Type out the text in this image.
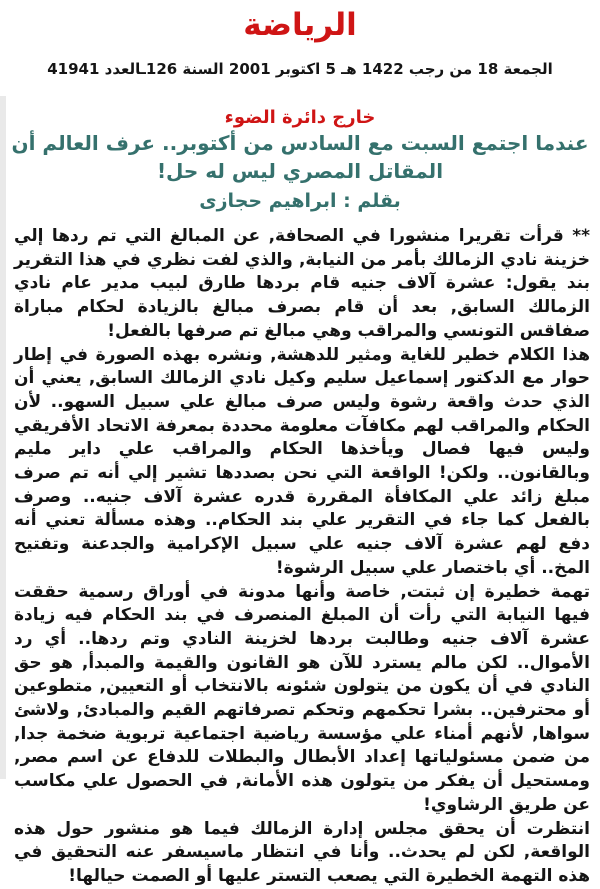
الرياضة
الجمعة 18 من رجب 1422 هـ 5 اكتوبر 2001 السنة 126ـالعدد 41941
خارج دائرة الضوء
عندما اجتمع السبت مع السادس من أكتوبر.. عرف العالم أن المقاتل المصري ليس له حل!
بقلم : ابراهيم حجازى

** قرأت تقريرا منشورا في الصحافة, عن المبالغ التي تم ردها إلي خزينة نادي الزمالك بأمر من النيابة, والذي لفت نظري في هذا التقرير بند يقول: عشرة آلاف جنيه قام بردها طارق لبيب مدير عام نادي الزمالك السابق, بعد أن قام بصرف مبالغ بالزيادة لحكام مباراة صفاقس التونسي والمراقب وهي مبالغ تم صرفها بالفعل!

هذا الكلام خطير للغاية ومثير للدهشة, ونشره بهذه الصورة في إطار حوار مع الدكتور إسماعيل سليم وكيل نادي الزمالك السابق, يعني أن الذي حدث واقعة رشوة وليس صرف مبالغ علي سبيل السهو.. لأن الحكام والمراقب لهم مكافآت معلومة محددة بمعرفة الاتحاد الأفريقي وليس فيها فصال ويأخذها الحكام والمراقب علي داير مليم وبالقانون.. ولكن! الواقعة التي نحن بصددها تشير إلي أنه تم صرف مبلغ زائد علي المكافأة المقررة قدره عشرة آلاف جنيه.. وصرف بالفعل كما جاء في التقرير علي بند الحكام.. وهذه مسألة تعني أنه دفع لهم عشرة آلاف جنيه علي سبيل الإكرامية والجدعنة وتفتيح المخ.. أي باختصار علي سبيل الرشوة!

تهمة خطيرة إن ثبتت, خاصة وأنها مدونة في أوراق رسمية حققت فيها النيابة التي رأت أن المبلغ المنصرف في بند الحكام فيه زيادة عشرة آلاف جنيه وطالبت بردها لخزينة النادي وتم ردها.. أي رد الأموال.. لكن مالم يسترد للآن هو القانون والقيمة والمبدأ, هو حق النادي في أن يكون من يتولون شئونه بالانتخاب أو التعيين, متطوعين أو محترفين.. بشرا تحكمهم وتحكم تصرفاتهم القيم والمبادئ, ولاشئ سواها, لأنهم أمناء علي مؤسسة رياضية اجتماعية تربوية ضخمة جدا, من ضمن مسئولياتها إعداد الأبطال والبطلات للدفاع عن اسم مصر, ومستحيل أن يفكر من يتولون هذه الأمانة, في الحصول علي مكاسب عن طريق الرشاوي!

انتظرت أن يحقق مجلس إدارة الزمالك فيما هو منشور حول هذه الواقعة, لكن لم يحدث.. وأنا في انتظار ماسيسفر عنه التحقيق في هذه التهمة الخطيرة التي يصعب التستر عليها أو الصمت حيالها!
